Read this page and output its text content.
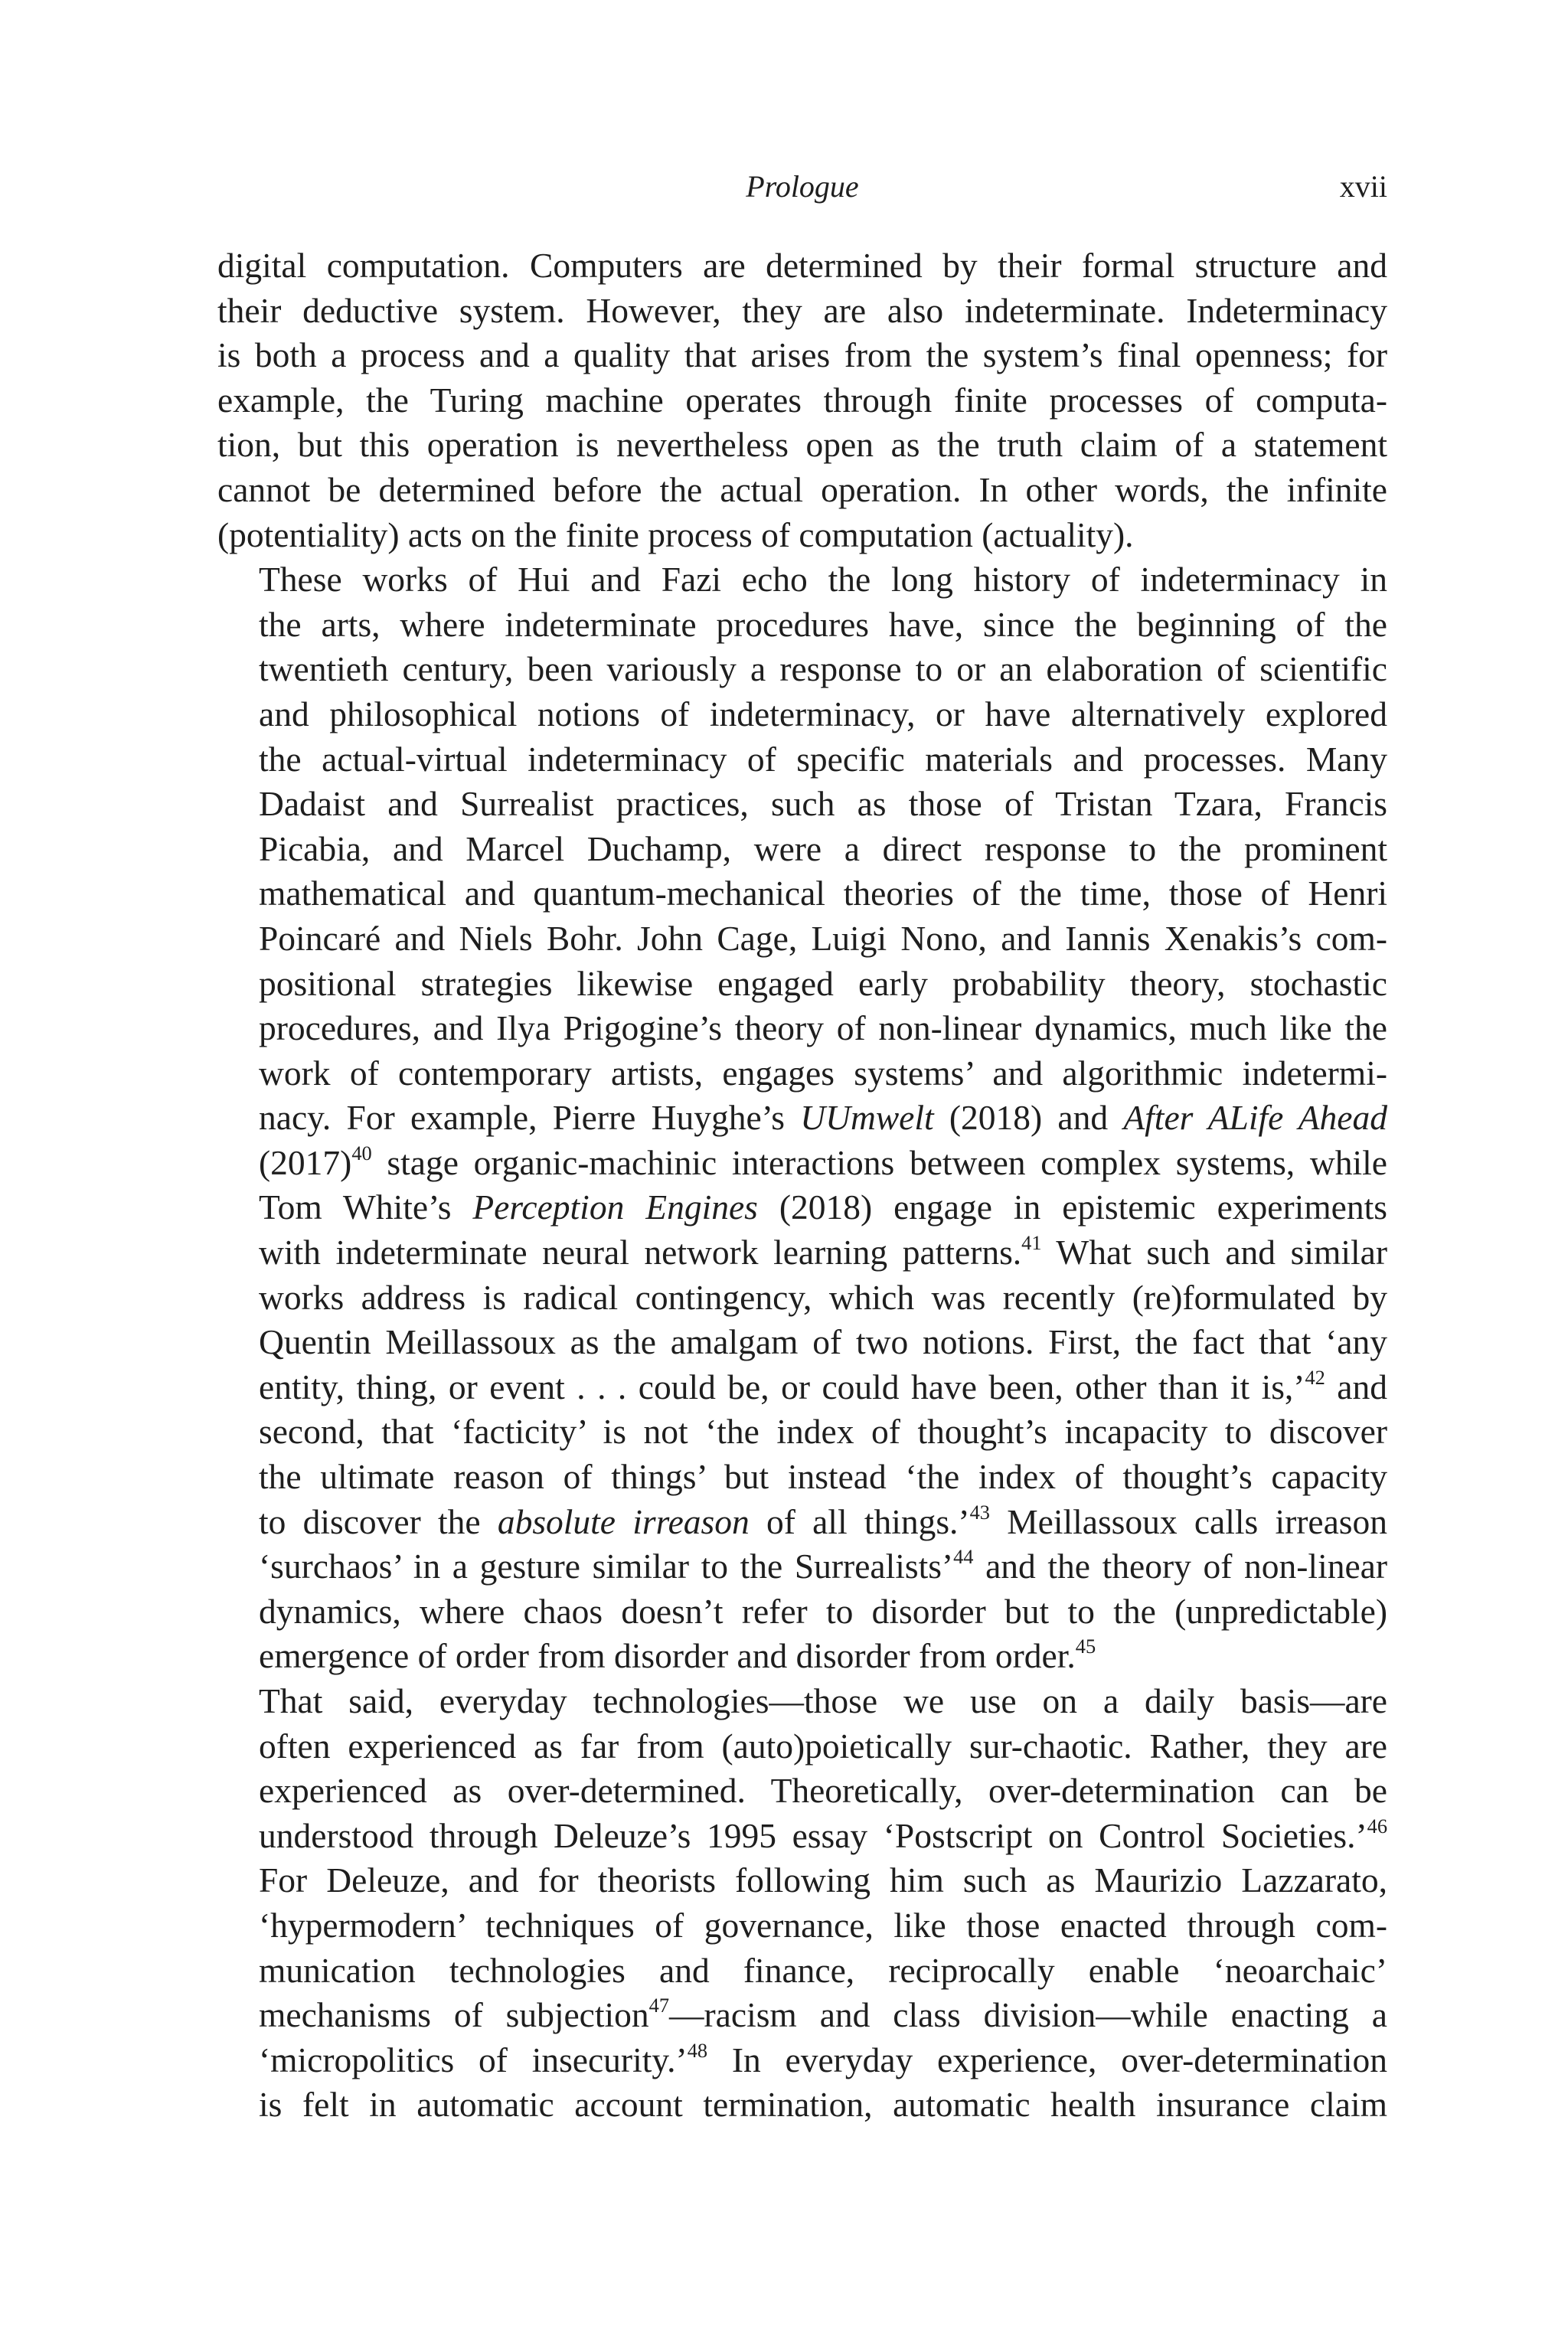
Prologue	xvii

digital computation. Computers are determined by their formal structure and
their deductive system. However, they are also indeterminate. Indeterminacy
is both a process and a quality that arises from the system’s final openness; for
example, the Turing machine operates through finite processes of computa-
tion, but this operation is nevertheless open as the truth claim of a statement
cannot be determined before the actual operation. In other words, the infinite
(potentiality) acts on the finite process of computation (actuality).

These works of Hui and Fazi echo the long history of indeterminacy in
the arts, where indeterminate procedures have, since the beginning of the
twentieth century, been variously a response to or an elaboration of scientific
and philosophical notions of indeterminacy, or have alternatively explored
the actual-virtual indeterminacy of specific materials and processes. Many
Dadaist and Surrealist practices, such as those of Tristan Tzara, Francis
Picabia, and Marcel Duchamp, were a direct response to the prominent
mathematical and quantum-mechanical theories of the time, those of Henri
Poincaré and Niels Bohr. John Cage, Luigi Nono, and Iannis Xenakis’s com-
positional strategies likewise engaged early probability theory, stochastic
procedures, and Ilya Prigogine’s theory of non-linear dynamics, much like the
work of contemporary artists, engages systems’ and algorithmic indetermi-
nacy. For example, Pierre Huyghe’s UUmwelt (2018) and After ALife Ahead
$(2017)^{40}$ stage organic-machinic interactions between complex systems, while
Tom White’s Perception Engines (2018) engage in epistemic experiments
with indeterminate neural network learning patterns.$^{41}$ What such and similar
works address is radical contingency, which was recently (re)formulated by
Quentin Meillassoux as the amalgam of two notions. First, the fact that ‘any
entity, thing, or event . . . could be, or could have been, other than it is,’$^{42}$ and
second, that ‘facticity’ is not ‘the index of thought’s incapacity to discover
the ultimate reason of things’ but instead ‘the index of thought’s capacity
to discover the absolute irreason of all things.’$^{43}$ Meillassoux calls irreason
‘surchaos’ in a gesture similar to the Surrealists’$^{44}$ and the theory of non-linear
dynamics, where chaos doesn’t refer to disorder but to the (unpredictable)
emergence of order from disorder and disorder from order.$^{45}$

That said, everyday technologies—those we use on a daily basis—are
often experienced as far from (auto)poietically sur-chaotic. Rather, they are
experienced as over-determined. Theoretically, over-determination can be
understood through Deleuze’s 1995 essay ‘Postscript on Control Societies.’$^{46}$
For Deleuze, and for theorists following him such as Maurizio Lazzarato,
‘hypermodern’ techniques of governance, like those enacted through com-
munication technologies and finance, reciprocally enable ‘neoarchaic’
mechanisms of subjection$^{47}$—racism and class division—while enacting a
‘micropolitics of insecurity.’$^{48}$ In everyday experience, over-determination
is felt in automatic account termination, automatic health insurance claim
